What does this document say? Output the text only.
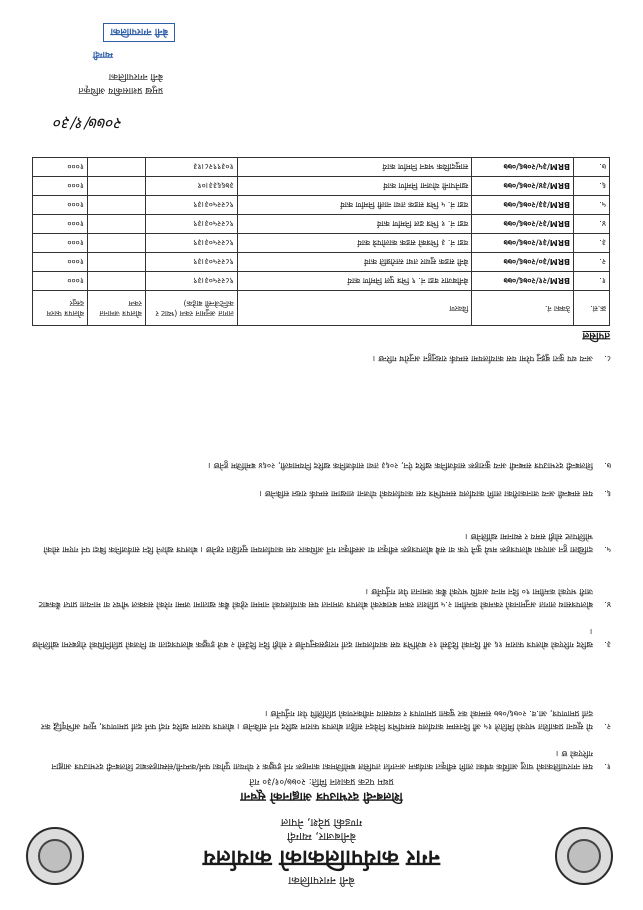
बेनी नगरपालिका
नगर कार्यपालिकाको कार्यालय
बेनीबजार, म्याग्दी
गण्डकी प्रदेश, नेपाल
शिलबन्दी दरभाउपत्र आह्वानको सूचना
प्रथम पटक प्रकाशन मिति: २०७७/०१/३० गते
१.
यस नगरपालिकाको चालु आर्थिक वर्षका लागि स्वीकृत कार्यक्रम अन्तर्गत तपसिल बमोजिमका कामहरू गर्न इच्छुक र योग्यता पुगेका फर्म/कम्पनी/संस्थाहरूबाट शिलबन्दी दरभाउपत्र आह्वान गरिएको छ ।
२.
यो सूचना प्रकाशित भएको मितिले १५ औं दिनसम्म कार्यालय समयभित्र निवेदन सहित बोलपत्र फाराम खरिद गर्न सकिनेछ । बोलपत्र फाराम खरिद गर्दा फर्म दर्ता प्रमाणपत्र, मूल्य अभिवृद्धि कर दर्ता प्रमाणपत्र, आ.व. २०७६/०७७ सम्मको कर चुक्ता प्रमाणपत्र र व्यवसाय नवीकरणको प्रतिलिपि पेश गर्नुपर्नेछ ।
३.
खरिद गरिएको बोलपत्र फाराम १६ औं दिनको दिउँसो १२ बजेभित्र यस कार्यालयमा दर्ता गराइसक्नुपर्नेछ र सोही दिन दिउँसो २ बजे इच्छुक बोलपत्रदाता वा निजको प्रतिनिधिको रोहबरमा खोलिनेछ ।
४.
बोलपत्रसाथ लागत अनुमानको रकमको कम्तीमा २.५ प्रतिशत रकम बराबरको बोलपत्र जमानत यस कार्यालयको नाममा रहेको बैंक खातामा जम्मा गरेको सक्कल भौचर वा मान्यता प्राप्त बैंकबाट जारी भएको कम्तीमा ९० दिन मान्य अवधि भएको बैंक जमानत पेश गर्नुपर्नेछ ।
५.
दाखिला हुन आएका बोलपत्रहरू मध्ये कुनै एक वा सबै बोलपत्रहरू स्वीकृत वा अस्वीकृत गर्ने अधिकार यस कार्यालयमा सुरक्षित रहनेछ । बोलपत्र खोल्ने दिन सार्वजनिक बिदा पर्न गएमा सोको भोलिपल्ट सोही समय र स्थानमा खोलिनेछ ।
६.
यस सम्बन्धी अन्य जानकारीका लागि कार्यालय समयभित्र यस कार्यालयको योजना शाखामा सम्पर्क राख्न सकिनेछ ।
७.
शिलबन्दी दरभाउपत्र सम्बन्धी अन्य कुराहरू सार्वजनिक खरिद ऐन, २०६३ तथा सार्वजनिक खरिद नियमावली, २०६४ बमोजिम हुनेछ ।
८.
अन्य थप कुरा बुझ्नु परेमा यस कार्यालयमा सम्पर्क राख्नुहुन अनुरोध गरिन्छ ।
तपसिल
क्र.सं.	ठेक्का नं.	विवरण	लागत अनुमान रकम (भ्याट र कन्टिजेन्सी बाहेक)	बोलपत्र जमानत रकम	बोलपत्र फारम दस्तुर
१.	BRM/२१/२०७६/०७७	बेनीबजार वडा नं. ९ भित्र पुल निर्माण कार्य	९८२२५०३।३९		१०००
२.	BRM/३०/२०७६/०७७	बेनी सडक सुधार तथा स्तरोन्नति कार्य	९८२२५०३।३९		१०००
३.	BRM/३१/२०७६/०७७	वडा नं. ३ भित्रको सडक कालोपत्रे कार्य	९८२२५०३।३९		१०००
४.	BRM/३२/२०७६/०७७	वडा नं. १ भित्र ढल निर्माण कार्य	९८२२५०३।३९		१०००
५.	BRM/३३/२०७६/०७७	वडा नं. ५ भित्र सडक तथा नाली निर्माण कार्य	९८२२५०३।३९		१०००
६.	BRM/३४/२०७६/०७७	खानेपानी योजना निर्माण कार्य	३७६६३३।०१		१०००
७.	BRM/३५/२०७६/०७७	सामुदायिक भवन निर्माण कार्य	१०३९९२८।१३		१०००
२०७७/१/३०
प्रमुख प्रशासकीय अधिकृत
बेनी नगरपालिका
म्याग्दी
बेनी नगरपालिका
